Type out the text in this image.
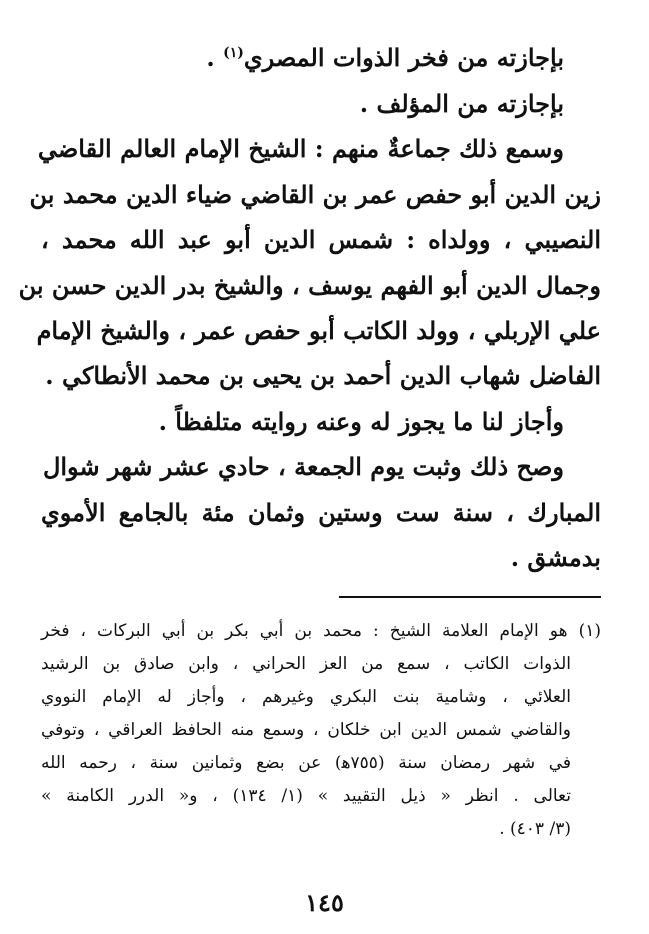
بإجازته من فخر الذوات المصري$^{(١)}$ .
بإجازته من المؤلف .
وسمع ذلك جماعةٌ منهم : الشيخ الإمام العالم القاضي
زين الدين أبو حفص عمر بن القاضي ضياء الدين محمد بن
النصيبي ، وولداه : شمس الدين أبو عبد الله محمد ،
وجمال الدين أبو الفهم يوسف ، والشيخ بدر الدين حسن بن
علي الإربلي ، وولد الكاتب أبو حفص عمر ، والشيخ الإمام
الفاضل شهاب الدين أحمد بن يحيى بن محمد الأنطاكي .
وأجاز لنا ما يجوز له وعنه روايته متلفظاً .
وصح ذلك وثبت يوم الجمعة ، حادي عشر شهر شوال
المبارك ، سنة ست وستين وثمان مئة بالجامع الأموي
بدمشق .
(١) هو الإمام العلامة الشيخ : محمد بن أبي بكر بن أبي البركات ، فخر
الذوات الكاتب ، سمع من العز الحراني ، وابن صادق بن الرشيد
العلائي ، وشامية بنت البكري وغيرهم ، وأجاز له الإمام النووي
والقاضي شمس الدين ابن خلكان ، وسمع منه الحافظ العراقي ، وتوفي
في شهر رمضان سنة (٧٥٥ﻫ) عن بضع وثمانين سنة ، رحمه الله
تعالى . انظر « ذيل التقييد » (١/ ١٣٤) ، و« الدرر الكامنة »
(٣/ ٤٠٣) .
١٤٥
